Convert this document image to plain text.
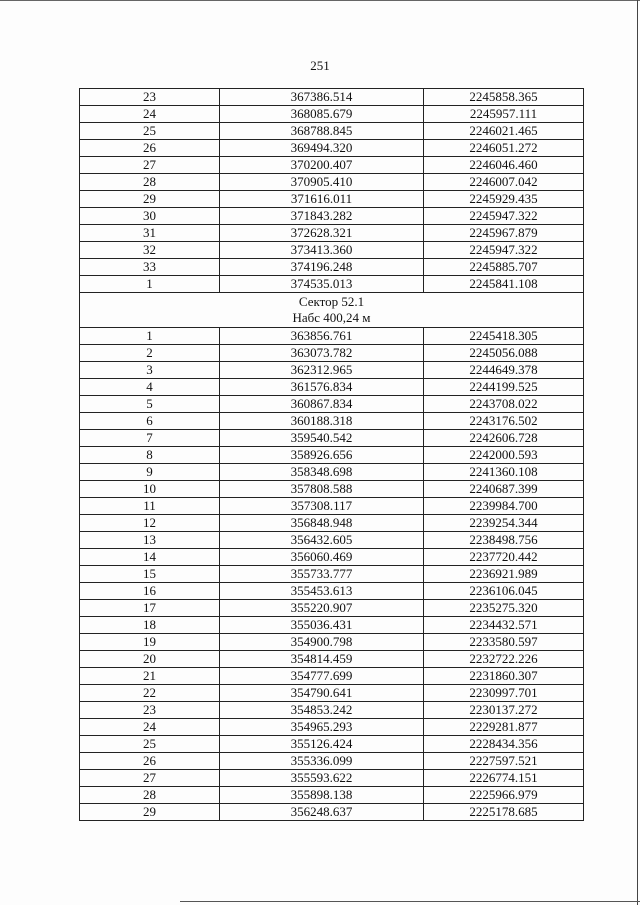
251
23	367386.514	2245858.365
24	368085.679	2245957.111
25	368788.845	2246021.465
26	369494.320	2246051.272
27	370200.407	2246046.460
28	370905.410	2246007.042
29	371616.011	2245929.435
30	371843.282	2245947.322
31	372628.321	2245967.879
32	373413.360	2245947.322
33	374196.248	2245885.707
1	374535.013	2245841.108

Сектор 52.1
Набс 400,24 м		

1	363856.761	2245418.305
2	363073.782	2245056.088
3	362312.965	2244649.378
4	361576.834	2244199.525
5	360867.834	2243708.022
6	360188.318	2243176.502
7	359540.542	2242606.728
8	358926.656	2242000.593
9	358348.698	2241360.108
10	357808.588	2240687.399
11	357308.117	2239984.700
12	356848.948	2239254.344
13	356432.605	2238498.756
14	356060.469	2237720.442
15	355733.777	2236921.989
16	355453.613	2236106.045
17	355220.907	2235275.320
18	355036.431	2234432.571
19	354900.798	2233580.597
20	354814.459	2232722.226
21	354777.699	2231860.307
22	354790.641	2230997.701
23	354853.242	2230137.272
24	354965.293	2229281.877
25	355126.424	2228434.356
26	355336.099	2227597.521
27	355593.622	2226774.151
28	355898.138	2225966.979
29	356248.637	2225178.685
